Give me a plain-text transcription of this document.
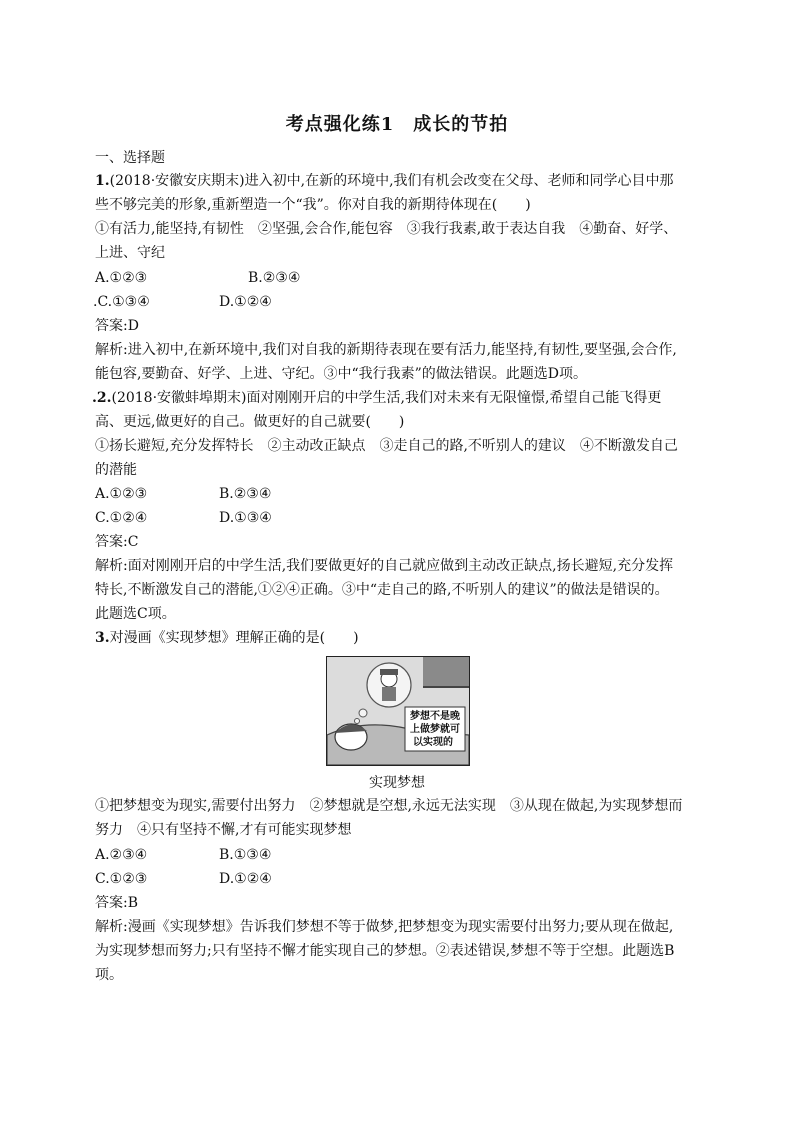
考点强化练1　成长的节拍
一、选择题
1.(2018·安徽安庆期末)进入初中,在新的环境中,我们有机会改变在父母、老师和同学心目中那
些不够完美的形象,重新塑造一个“我”。你对自我的新期待体现在(　　)
①有活力,能坚持,有韧性　②坚强,会合作,能包容　③我行我素,敢于表达自我　④勤奋、好学、
上进、守纪
A.①②③	B.②③④
.C.①③④	D.①②④
答案:D
解析:进入初中,在新环境中,我们对自我的新期待表现在要有活力,能坚持,有韧性,要坚强,会合作,
能包容,要勤奋、好学、上进、守纪。③中“我行我素”的做法错误。此题选D项。
.2.(2018·安徽蚌埠期末)面对刚刚开启的中学生活,我们对未来有无限憧憬,希望自己能飞得更
高、更远,做更好的自己。做更好的自己就要(　　)
①扬长避短,充分发挥特长　②主动改正缺点　③走自己的路,不听别人的建议　④不断激发自己
的潜能
A.①②③	B.②③④
C.①②④	D.①③④
答案:C
解析:面对刚刚开启的中学生活,我们要做更好的自己就应做到主动改正缺点,扬长避短,充分发挥
特长,不断激发自己的潜能,①②④正确。③中“走自己的路,不听别人的建议”的做法是错误的。
此题选C项。
3.对漫画《实现梦想》理解正确的是(　　)
梦想不是晚
上做梦就可
以实现的
实现梦想
①把梦想变为现实,需要付出努力　②梦想就是空想,永远无法实现　③从现在做起,为实现梦想而
努力　④只有坚持不懈,才有可能实现梦想
A.②③④	B.①③④
C.①②③	D.①②④
答案:B
解析:漫画《实现梦想》告诉我们梦想不等于做梦,把梦想变为现实需要付出努力;要从现在做起,
为实现梦想而努力;只有坚持不懈才能实现自己的梦想。②表述错误,梦想不等于空想。此题选B
项。
